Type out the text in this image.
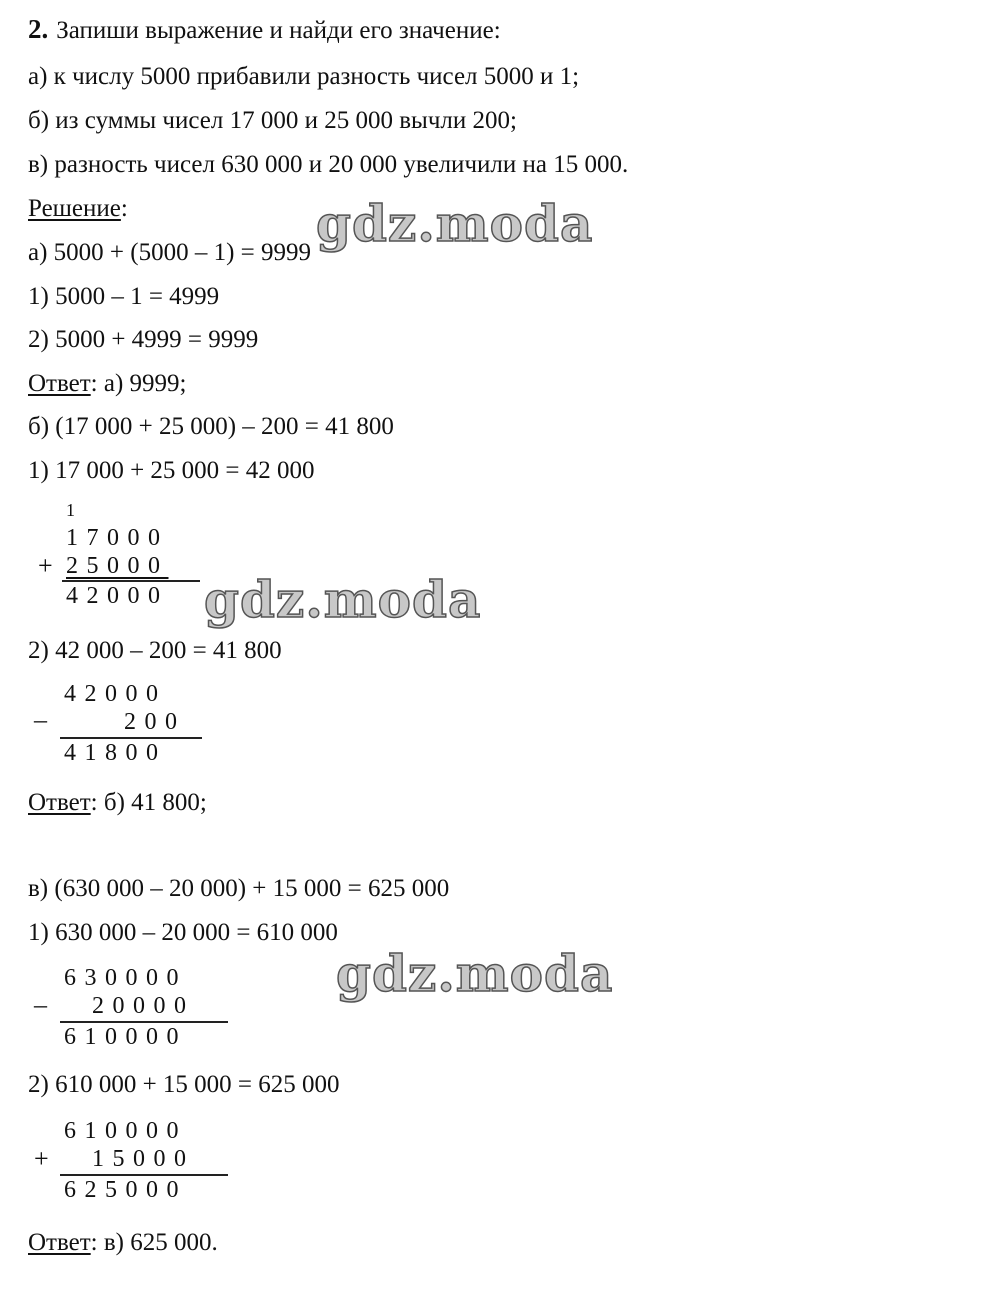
2. Запиши выражение и найди его значение:
а) к числу 5000 прибавили разность чисел 5000 и 1;
б) из суммы чисел 17 000 и 25 000 вычли 200;
в) разность чисел 630 000 и 20 000 увеличили на 15 000.
Решение:
а) 5000 + (5000 – 1) = 9999
1) 5000 – 1 = 4999
2) 5000 + 4999 = 9999
Ответ: а) 9999;
б) (17 000 + 25 000) – 200 = 41 800
1) 17 000 + 25 000 = 42 000
1
17000
+ 25000
42000
2) 42 000 – 200 = 41 800
42000
–	200
41800
Ответ: б) 41 800;
в) (630 000 – 20 000) + 15 000 = 625 000
1) 630 000 – 20 000 = 610 000
630000
– 20000
610000
2) 610 000 + 15 000 = 625 000
610000
+ 15000
625000
Ответ: в) 625 000.
gdz.moda
gdz.moda
gdz.moda
